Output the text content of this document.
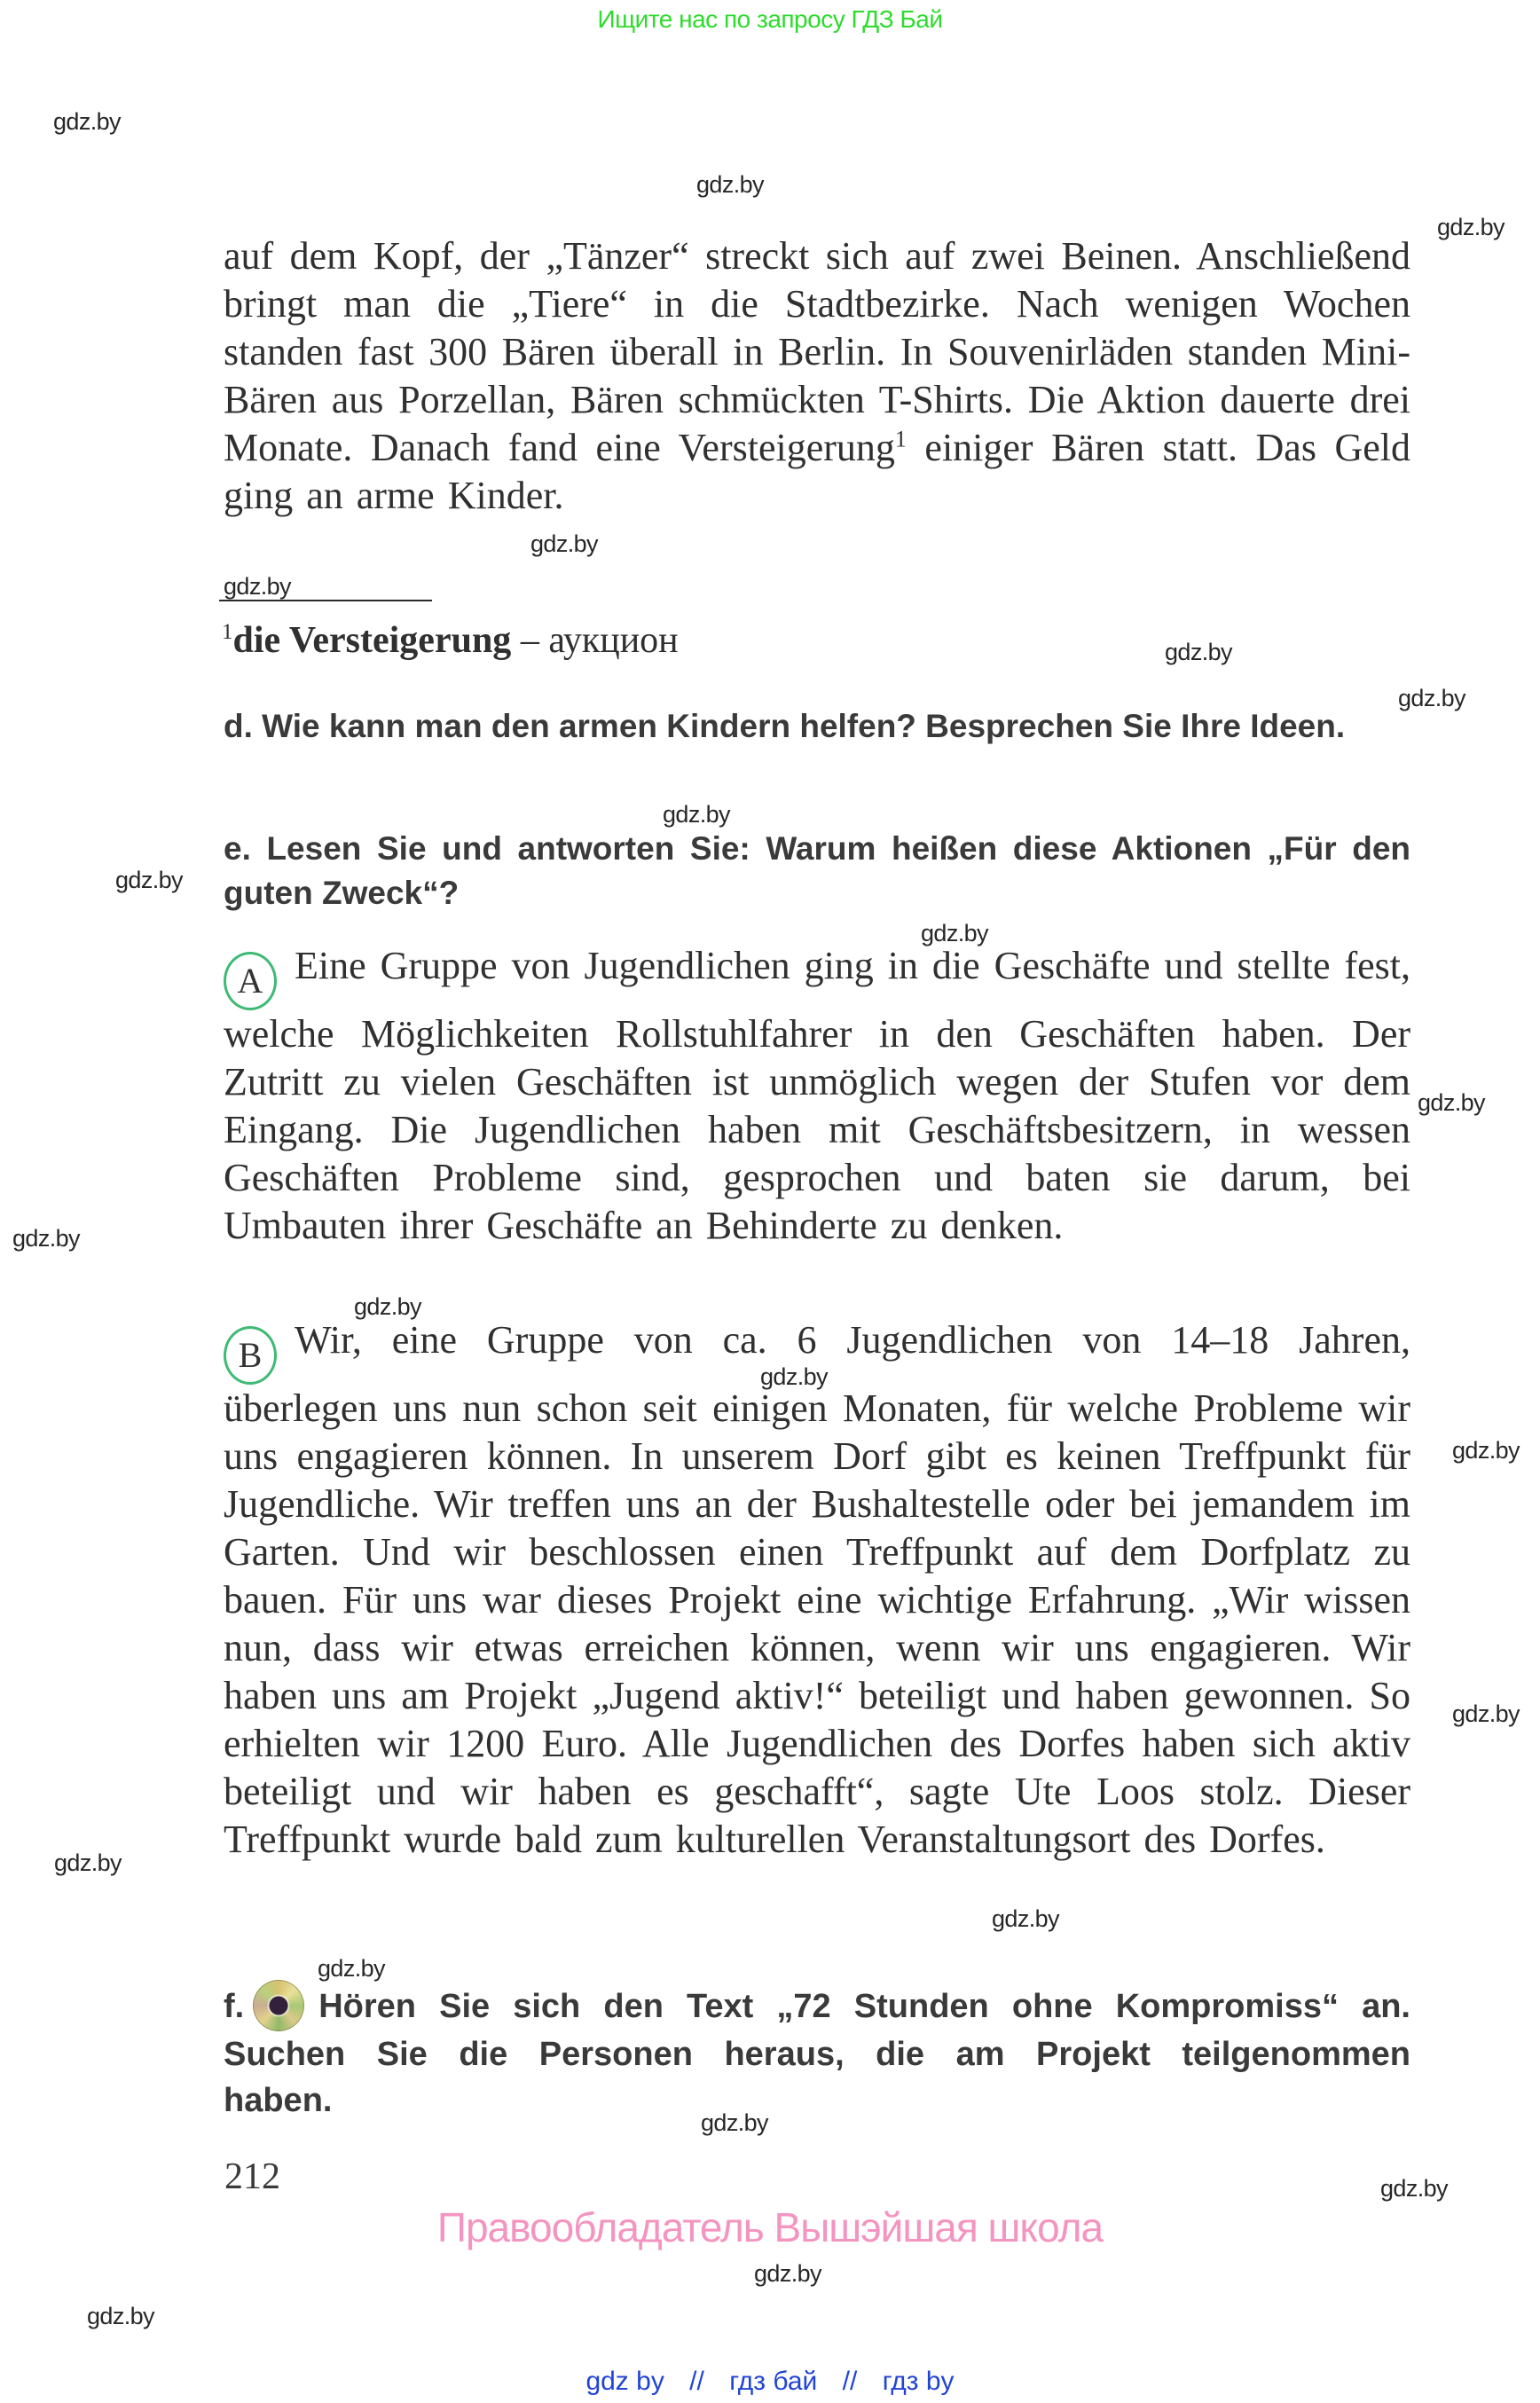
Ищите нас по запросу ГДЗ Бай
gdz.by
gdz.by
gdz.by
gdz.by
gdz.by
gdz.by
gdz.by
gdz.by
gdz.by
gdz.by
gdz.by
gdz.by
gdz.by
gdz.by
gdz.by
gdz.by
gdz.by
gdz.by
gdz.by
gdz.by
gdz.by
gdz.by
gdz.by

auf dem Kopf, der „Tänzer“ streckt sich auf zwei Beinen. Anschließend bringt man die „Tiere“ in die Stadtbezirke. Nach wenigen Wochen standen fast 300 Bären überall in Berlin. In Souvenirläden standen Mini-Bären aus Porzellan, Bären schmückten T-Shirts. Die Aktion dauerte drei Monate. Danach fand eine Versteigerung$^1$ einiger Bären statt. Das Geld ging an arme Kinder.

$^1$die Versteigerung – аукцион

d. Wie kann man den armen Kindern helfen? Besprechen Sie Ihre Ideen.

e. Lesen Sie und antworten Sie: Warum heißen diese Aktionen „Für den guten Zweck“?

A Eine Gruppe von Jugendlichen ging in die Geschäfte und stellte fest, welche Möglichkeiten Rollstuhlfahrer in den Geschäften haben. Der Zutritt zu vielen Geschäften ist unmöglich wegen der Stufen vor dem Eingang. Die Jugendlichen haben mit Geschäftsbesitzern, in wessen Geschäften Probleme sind, gesprochen und baten sie darum, bei Umbauten ihrer Geschäfte an Behinderte zu denken.

B Wir, eine Gruppe von ca. 6 Jugendlichen von 14–18 Jahren, überlegen uns nun schon seit einigen Monaten, für welche Probleme wir uns engagieren können. In unserem Dorf gibt es keinen Treffpunkt für Jugendliche. Wir treffen uns an der Bushaltestelle oder bei jemandem im Garten. Und wir beschlossen einen Treffpunkt auf dem Dorfplatz zu bauen. Für uns war dieses Projekt eine wichtige Erfahrung. „Wir wissen nun, dass wir etwas erreichen können, wenn wir uns engagieren. Wir haben uns am Projekt „Jugend aktiv!“ beteiligt und haben gewonnen. So erhielten wir 1200 Euro. Alle Jugendlichen des Dorfes haben sich aktiv beteiligt und wir haben es geschafft“, sagte Ute Loos stolz. Dieser Treffpunkt wurde bald zum kulturellen Veranstaltungsort des Dorfes.

f. Hören Sie sich den Text „72 Stunden ohne Kompromiss“ an. Suchen Sie die Personen heraus, die am Projekt teilgenommen haben.

212
Правообладатель Вышэйшая школа
gdz by // гдз бай // гдз by
